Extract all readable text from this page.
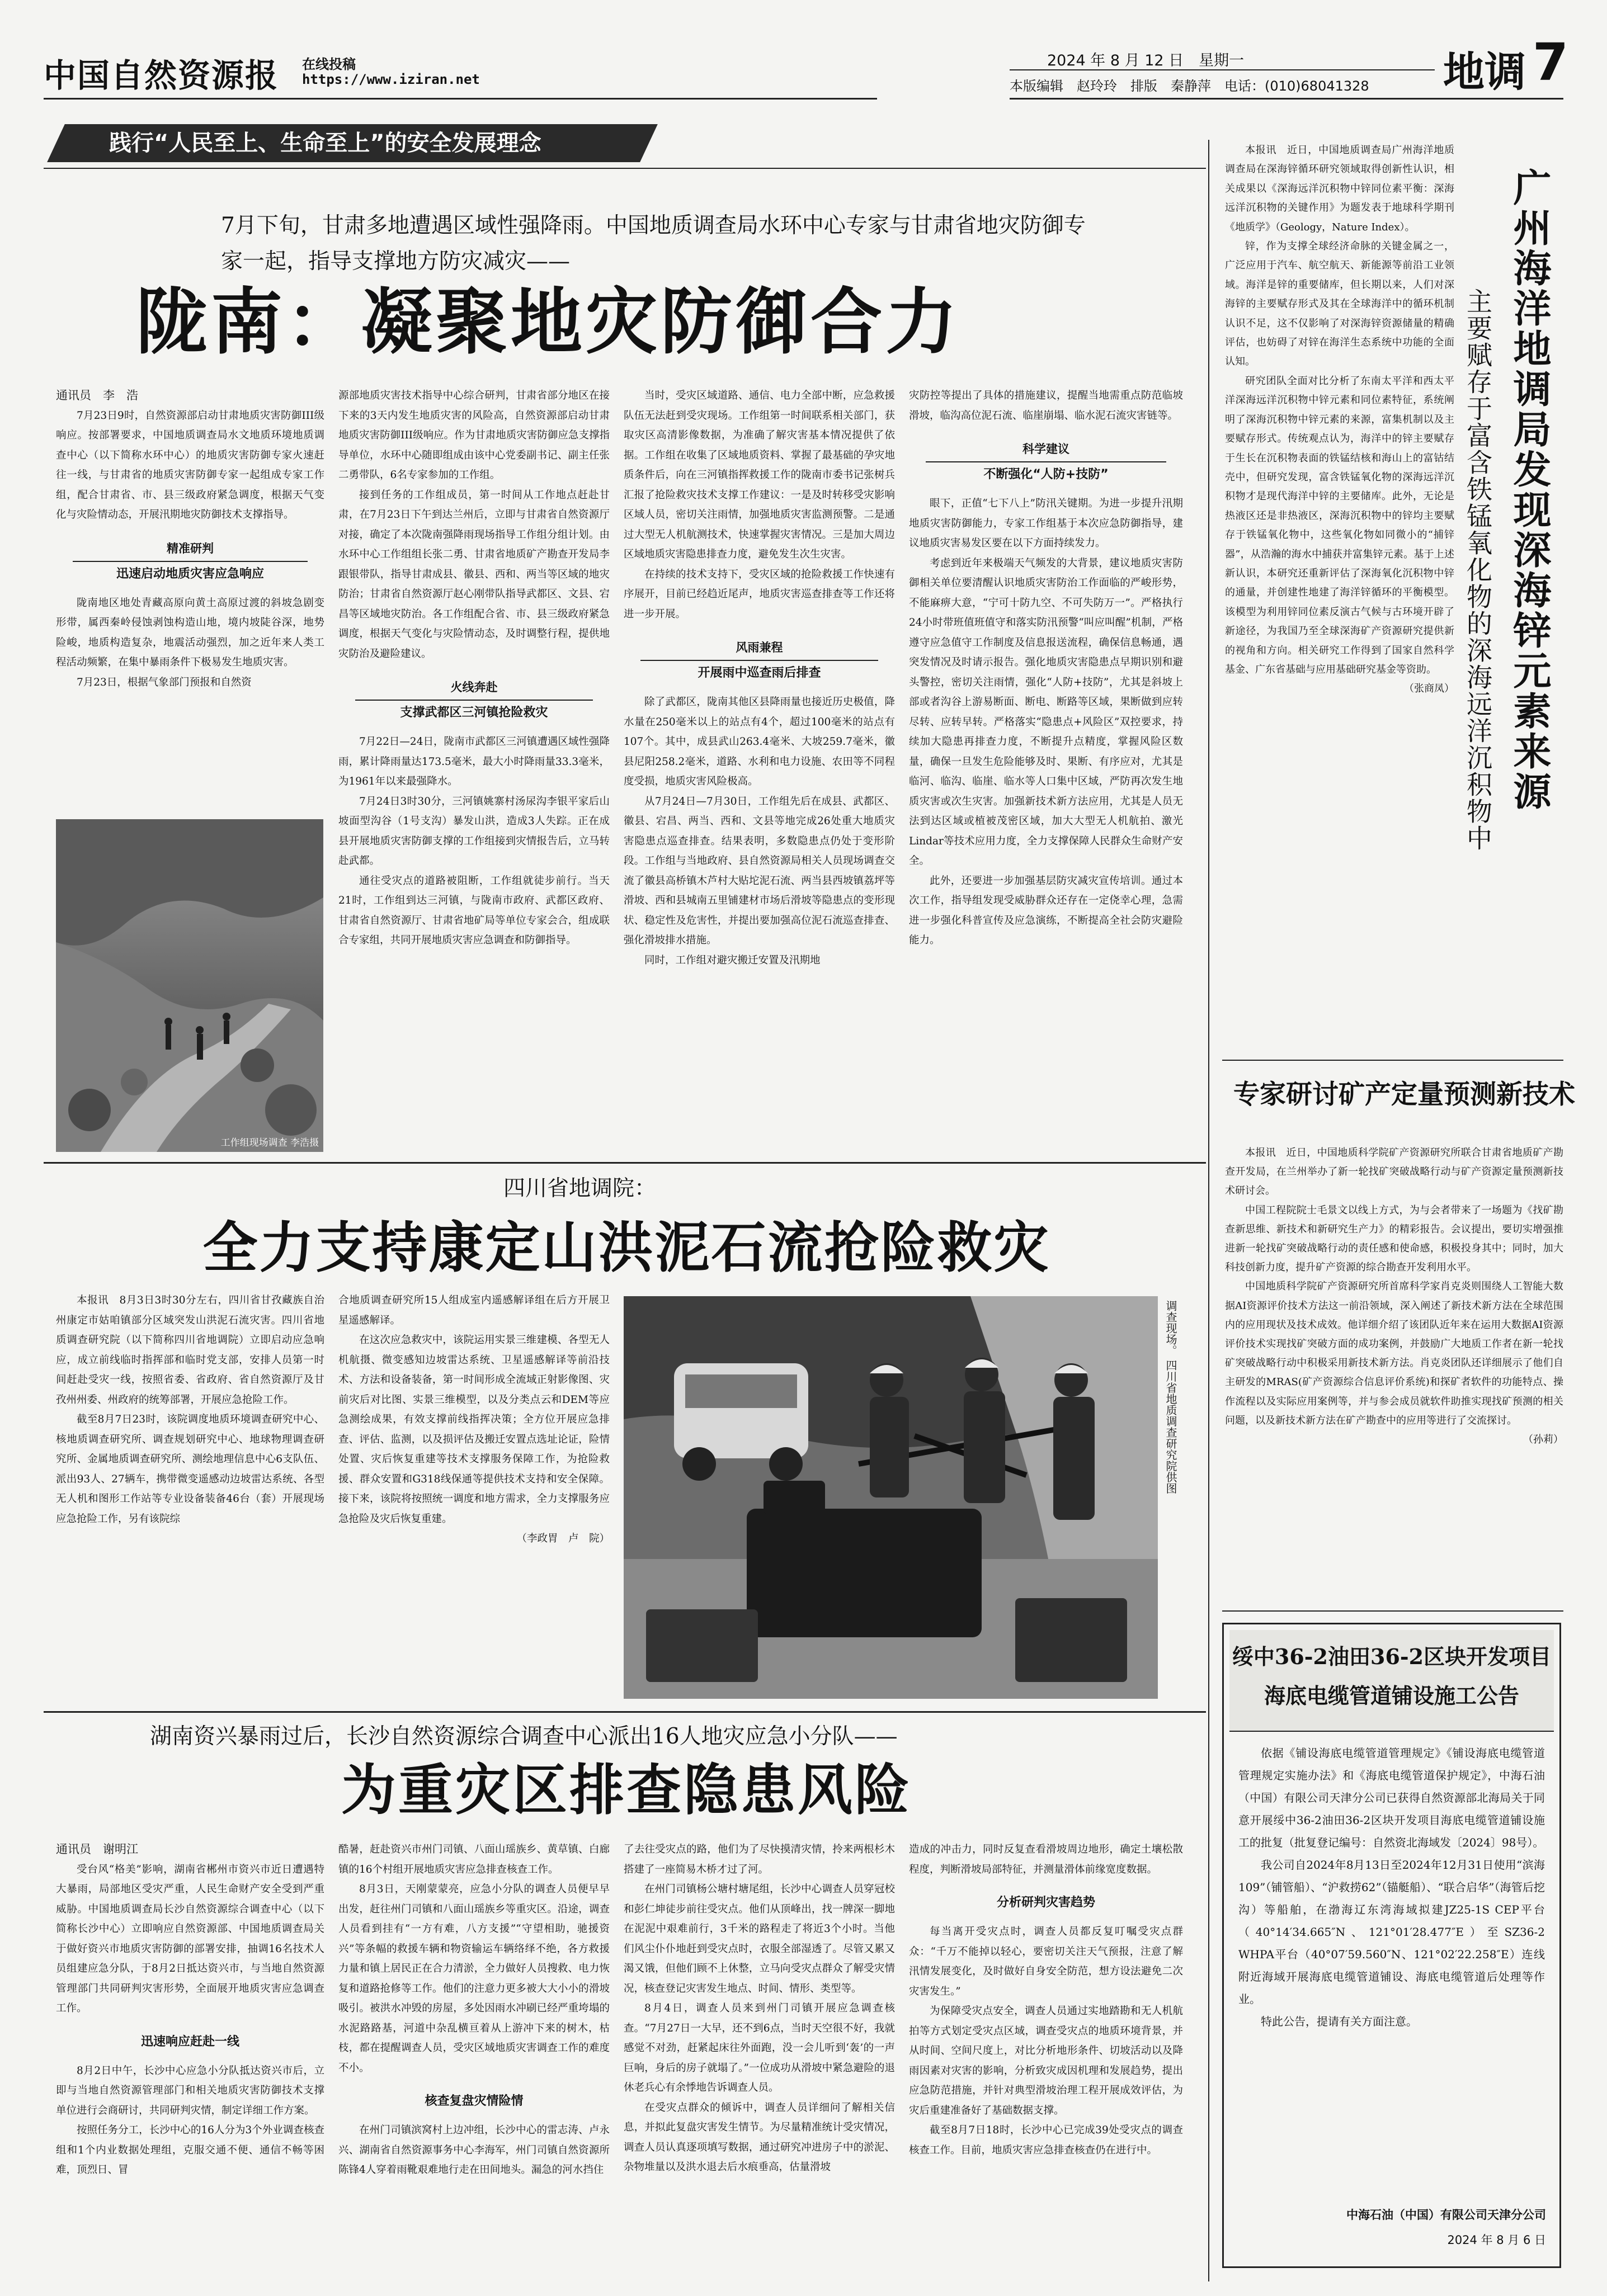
中国自然资源报 在线投稿
https://www.iziran.net
2024 年 8 月 12 日　星期一	地调 7
本版编辑　赵玲玲　排版　秦静萍　电话：(010)68041328
践行“人民至上、生命至上”的安全发展理念
7月下旬，甘肃多地遭遇区域性强降雨。中国地质调查局水环中心专家与甘肃省地灾防御专家一起，指导支撑地方防灾减灾——
陇南：凝聚地灾防御合力

通讯员　李　浩

7月23日9时，自然资源部启动甘肃地质灾害防御III级响应。按部署要求，中国地质调查局水文地质环境地质调查中心（以下简称水环中心）的地质灾害防御专家火速赶往一线，与甘肃省的地质灾害防御专家一起组成专家工作组，配合甘肃省、市、县三级政府紧急调度，根据天气变化与灾险情动态，开展汛期地灾防御技术支撑指导。

精准研判
迅速启动地质灾害应急响应

陇南地区地处青藏高原向黄土高原过渡的斜坡急剧变形带，属西秦岭侵蚀剥蚀构造山地，境内坡陡谷深，地势险峻，地质构造复杂，地震活动强烈，加之近年来人类工程活动频繁，在集中暴雨条件下极易发生地质灾害。

7月23日，根据气象部门预报和自然资

工作组现场调查 李浩摄

源部地质灾害技术指导中心综合研判，甘肃省部分地区在接下来的3天内发生地质灾害的风险高，自然资源部启动甘肃地质灾害防御III级响应。作为甘肃地质灾害防御应急支撑指导单位，水环中心随即组成由该中心党委副书记、副主任张二勇带队，6名专家参加的工作组。

接到任务的工作组成员，第一时间从工作地点赶赴甘肃，在7月23日下午到达兰州后，立即与甘肃省自然资源厅对接，确定了本次陇南强降雨现场指导工作组分组计划。由水环中心工作组组长张二勇、甘肃省地质矿产勘查开发局李跟银带队，指导甘肃成县、徽县、西和、两当等区域的地灾防治；甘肃省自然资源厅赵心刚带队指导武都区、文县、宕昌等区域地灾防治。各工作组配合省、市、县三级政府紧急调度，根据天气变化与灾险情动态，及时调整行程，提供地灾防治及避险建议。

火线奔赴
支撑武都区三河镇抢险救灾

7月22日—24日，陇南市武都区三河镇遭遇区域性强降雨，累计降雨量达173.5毫米，最大小时降雨量33.3毫米，为1961年以来最强降水。

7月24日3时30分，三河镇姚寨村汤尿沟李银平家后山坡面型沟谷（1号支沟）暴发山洪，造成3人失踪。正在成县开展地质灾害防御支撑的工作组接到灾情报告后，立马转赴武都。

通往受灾点的道路被阻断，工作组就徒步前行。当天21时，工作组到达三河镇，与陇南市政府、武都区政府、甘肃省自然资源厅、甘肃省地矿局等单位专家会合，组成联合专家组，共同开展地质灾害应急调查和防御指导。

当时，受灾区域道路、通信、电力全部中断，应急救援队伍无法赶到受灾现场。工作组第一时间联系相关部门，获取灾区高清影像数据，为准确了解灾害基本情况提供了依据。工作组在收集了区域地质资料、掌握了最基础的孕灾地质条件后，向在三河镇指挥救援工作的陇南市委书记张树兵汇报了抢险救灾技术支撑工作建议：一是及时转移受灾影响区域人员，密切关注雨情，加强地质灾害监测预警。二是通过大型无人机航测技术，快速掌握灾害情况。三是加大周边区域地质灾害隐患排查力度，避免发生次生灾害。

在持续的技术支持下，受灾区域的抢险救援工作快速有序展开，目前已经趋近尾声，地质灾害巡查排查等工作还将进一步开展。

风雨兼程
开展雨中巡查雨后排查

除了武都区，陇南其他区县降雨量也接近历史极值，降水量在250毫米以上的站点有4个，超过100毫米的站点有107个。其中，成县武山263.4毫米、大坡259.7毫米，徽县尼阳258.2毫米，道路、水利和电力设施、农田等不同程度受损，地质灾害风险极高。

从7月24日—7月30日，工作组先后在成县、武都区、徽县、宕昌、两当、西和、文县等地完成26处重大地质灾害隐患点巡查排查。结果表明，多数隐患点仍处于变形阶段。工作组与当地政府、县自然资源局相关人员现场调查交流了徽县高桥镇木芦村大贴坨泥石流、两当县西坡镇荔坪等滑坡、西和县城南五里铺建材市场后滑坡等隐患点的变形现状、稳定性及危害性，并提出要加强高位泥石流巡查排查、强化滑坡排水措施。

同时，工作组对避灾搬迁安置及汛期地

灾防控等提出了具体的措施建议，提醒当地需重点防范临坡滑坡，临沟高位泥石流、临崖崩塌、临水泥石流灾害链等。

科学建议
不断强化“人防+技防”

眼下，正值“七下八上”防汛关键期。为进一步提升汛期地质灾害防御能力，专家工作组基于本次应急防御指导，建议地质灾害易发区要在以下方面持续发力。

考虑到近年来极端天气频发的大背景，建议地质灾害防御相关单位要清醒认识地质灾害防治工作面临的严峻形势，不能麻痹大意，“宁可十防九空、不可失防万一”。严格执行24小时带班值班值守和落实防汛预警“叫应叫醒”机制，严格遵守应急值守工作制度及信息报送流程，确保信息畅通，遇突发情况及时请示报告。强化地质灾害隐患点早期识别和避头警控，密切关注雨情，强化“人防+技防”，尤其是斜坡上部或者沟谷上游易断面、断电、断路等区域，果断做到应转尽转、应转早转。严格落实“隐患点+风险区”双控要求，持续加大隐患再排查力度，不断提升点精度，掌握风险区数量，确保一旦发生危险能够及时、果断、有序应对，尤其是临河、临沟、临崖、临水等人口集中区域，严防再次发生地质灾害或次生灾害。加强新技术新方法应用，尤其是人员无法到达区域或植被茂密区域，加大大型无人机航拍、激光Lindar等技术应用力度，全力支撑保障人民群众生命财产安全。

此外，还要进一步加强基层防灾减灾宣传培训。通过本次工作，指导组发现受威胁群众还存在一定侥幸心理，急需进一步强化科普宣传及应急演练，不断提高全社会防灾避险能力。

四川省地调院：
全力支持康定山洪泥石流抢险救灾

本报讯　8月3日3时30分左右，四川省甘孜藏族自治州康定市姑咱镇部分区域突发山洪泥石流灾害。四川省地质调查研究院（以下简称四川省地调院）立即启动应急响应，成立前线临时指挥部和临时党支部，安排人员第一时间赶赴受灾一线，按照省委、省政府、省自然资源厅及甘孜州州委、州政府的统筹部署，开展应急抢险工作。

截至8月7日23时，该院调度地质环境调查研究中心、核地质调查研究所、调查规划研究中心、地球物理调查研究所、金属地质调查研究所、测绘地理信息中心6支队伍、派出93人、27辆车，携带微变遥感动边坡雷达系统、各型无人机和图形工作站等专业设备装备46台（套）开展现场应急抢险工作，另有该院综

合地质调查研究所15人组成室内遥感解译组在后方开展卫星遥感解译。

在这次应急救灾中，该院运用实景三维建模、各型无人机航摄、微变感知边坡雷达系统、卫星遥感解译等前沿技术、方法和设备装备，第一时间形成全流域正射影像图、灾前灾后对比图、实景三维模型，以及分类点云和DEM等应急测绘成果，有效支撑前线指挥决策；全方位开展应急排查、评估、监测，以及损评估及搬迁安置点选址论证，险情处置、灾后恢复重建等技术支撑服务保障工作，为抢险救援、群众安置和G318线保通等提供技术支持和安全保障。接下来，该院将按照统一调度和地方需求，全力支撑服务应急抢险及灾后恢复重建。

（李政胃　卢　院）

调查现场。 四川省地质调查研究院供图
湖南资兴暴雨过后，长沙自然资源综合调查中心派出16人地灾应急小分队——
为重灾区排查隐患风险

通讯员　谢明江

受台风“格美”影响，湖南省郴州市资兴市近日遭遇特大暴雨，局部地区受灾严重，人民生命财产安全受到严重威胁。中国地质调查局长沙自然资源综合调查中心（以下简称长沙中心）立即响应自然资源部、中国地质调查局关于做好资兴市地质灾害防御的部署安排，抽调16名技术人员组建应急分队，于8月2日抵达资兴市，与当地自然资源管理部门共同研判灾害形势，全面展开地质灾害应急调查工作。

迅速响应赶赴一线

8月2日中午，长沙中心应急小分队抵达资兴市后，立即与当地自然资源管理部门和相关地质灾害防御技术支撑单位进行会商研讨，共同研判灾情，制定详细工作方案。

按照任务分工，长沙中心的16人分为3个外业调查核查组和1个内业数据处理组，克服交通不便、通信不畅等困难，顶烈日、冒

酷暑，赶赴资兴市州门司镇、八面山瑶族乡、黄草镇、白廊镇的16个村组开展地质灾害应急排查核查工作。

8月3日，天刚蒙蒙亮，应急小分队的调查人员便早早出发，赶往州门司镇和八面山瑶族乡等重灾区。沿途，调查人员看到挂有“一方有难，八方支援”“守望相助，驰援资兴”等条幅的救援车辆和物资输运车辆络绎不绝，各方救援力量和镇上居民正在合力清淤，全力做好人员搜救、电力恢复和道路抢修等工作。他们的注意力更多被大大小小的滑坡吸引。被洪水冲毁的房屋，多处因雨水冲刷已经严重垮塌的水泥路路基，河道中杂乱横亘着从上游冲下来的树木，枯枝，都在提醒调查人员，受灾区域地质灾害调查工作的难度不小。

核查复盘灾情险情

在州门司镇滨窝村上边冲组，长沙中心的雷志涛、卢永兴、湖南省自然资源事务中心李海军，州门司镇自然资源所陈锋4人穿着雨靴艰难地行走在田间地头。漏急的河水挡住

了去往受灾点的路，他们为了尽快摸清灾情，拎来两根杉木搭建了一座简易木桥才过了河。

在州门司镇杨公塘村塘尾组，长沙中心调查人员穿冠校和彭仁坤徒步前往受灾点。他们从顶峰出，找一牌深一脚地在泥泥中艰难前行，3千米的路程走了将近3个小时。当他们风尘仆仆地赶到受灾点时，衣服全部湿透了。尽管又累又渴又饿，但他们顾不上休整，立马向受灾点群众了解受灾情况，核查登记灾害发生地点、时间、情形、类型等。

8月4日，调查人员来到州门司镇开展应急调查核查。“7月27日一大早，还不到6点，当时天空很不好，我就感觉不对劲，赶紧起床往外面跑，没一会儿听到‘轰’的一声巨响，身后的房子就塌了。”一位成功从滑坡中紧急避险的退休老兵心有余悸地告诉调查人员。

在受灾点群众的倾诉中，调查人员详细问了解相关信息，并拟此复盘灾害发生情节。为尽量精准统计受灾情况，调查人员认真逐项填写数据，通过研究冲进房子中的淤泥、杂物堆量以及洪水退去后水痕垂高，估量滑坡

造成的冲击力，同时反复查看滑坡周边地形，确定土壤松散程度，判断滑坡局部特征，并测量滑体前缘宽度数据。

分析研判灾害趋势

每当离开受灾点时，调查人员都反复叮嘱受灾点群众：“千万不能掉以轻心，要密切关注天气预报，注意了解汛情发展变化，及时做好自身安全防范，想方设法避免二次灾害发生。”

为保障受灾点安全，调查人员通过实地踏勘和无人机航拍等方式划定受灾点区域，调查受灾点的地质环境背景，并从时间、空间尺度上，对比分析地形条件、切坡活动以及降雨因素对灾害的影响，分析致灾成因机理和发展趋势，提出应急防范措施，并针对典型滑坡治理工程开展成效评估，为灾后重建准备好了基础数据支撑。

截至8月7日18时，长沙中心已完成39处受灾点的调查核查工作。目前，地质灾害应急排查核查仍在进行中。

本报讯　近日，中国地质调查局广州海洋地质调查局在深海锌循环研究领域取得创新性认识，相关成果以《深海远洋沉积物中锌同位素平衡：深海远洋沉积物的关键作用》为题发表于地球科学期刊《地质学》（Geology，Nature Index）。

锌，作为支撑全球经济命脉的关键金属之一，广泛应用于汽车、航空航天、新能源等前沿工业领域。海洋是锌的重要储库，但长期以来，人们对深海锌的主要赋存形式及其在全球海洋中的循环机制认识不足，这不仅影响了对深海锌资源储量的精确评估，也妨碍了对锌在海洋生态系统中功能的全面认知。

研究团队全面对比分析了东南太平洋和西太平洋深海远洋沉积物中锌元素和同位素特征，系统阐明了深海沉积物中锌元素的来源，富集机制以及主要赋存形式。传统观点认为，海洋中的锌主要赋存于生长在沉积物表面的铁锰结核和海山上的富钴结壳中，但研究发现，富含铁锰氧化物的深海远洋沉积物才是现代海洋中锌的主要储库。此外，无论是热液区还是非热液区，深海沉积物中的锌均主要赋存于铁锰氧化物中，这些氧化物如同微小的“捕锌器”，从浩瀚的海水中捕获并富集锌元素。基于上述新认识，本研究还重新评估了深海氧化沉积物中锌的通量，并创建性地建了海洋锌循环的平衡模型。该模型为利用锌同位素反演古气候与古环境开辟了新途径，为我国乃至全球深海矿产资源研究提供新的视角和方向。相关研究工作得到了国家自然科学基金、广东省基础与应用基础研究基金等资助。

（张商凤） 广州海洋地调局发现深海锌元素来源
主要赋存于富含铁锰氧化物的深海远洋沉积物中
专家研讨矿产定量预测新技术

本报讯　近日，中国地质科学院矿产资源研究所联合甘肃省地质矿产勘查开发局，在兰州举办了新一轮找矿突破战略行动与矿产资源定量预测新技术研讨会。

中国工程院院士毛景文以线上方式，为与会者带来了一场题为《找矿勘查新思维、新技术和新研究生产力》的精彩报告。会议提出，要切实增强推进新一轮找矿突破战略行动的责任感和使命感，积极投身其中；同时，加大科技创新力度，提升矿产资源的综合勘查开发利用水平。

中国地质科学院矿产资源研究所首席科学家肖克炎则围绕人工智能大数据AI资源评价技术方法这一前沿领域，深入阐述了新技术新方法在全球范围内的应用现状及技术成效。他详细介绍了该团队近年来在运用大数据AI资源评价技术实现找矿突破方面的成功案例，并鼓励广大地质工作者在新一轮找矿突破战略行动中积极采用新技术新方法。肖克炎团队还详细展示了他们自主研发的MRAS(矿产资源综合信息评价系统)和探矿者软件的功能特点、操作流程以及实际应用案例等，并与参会成员就软件助推实现找矿预测的相关问题，以及新技术新方法在矿产勘查中的应用等进行了交流探讨。

（孙莉）

绥中36-2油田36-2区块开发项目
海底电缆管道铺设施工公告

依据《铺设海底电缆管道管理规定》《铺设海底电缆管道管理规定实施办法》和《海底电缆管道保护规定》，中海石油（中国）有限公司天津分公司已获得自然资源部北海局关于同意开展绥中36-2油田36-2区块开发项目海底电缆管道铺设施工的批复（批复登记编号：自然资北海域发〔2024〕98号）。

我公司自2024年8月13日至2024年12月31日使用“滨海109”（铺管船）、“沪救捞62”（锚艇船）、“联合启华”（海管后挖沟）等船舶，在渤海辽东湾海域拟建JZ25-1S CEP平台（40°14′34.665″N、121°01′28.477″E）至SZ36-2 WHPA平台（40°07′59.560″N、121°02′22.258″E）连线附近海域开展海底电缆管道铺设、海底电缆管道后处理等作业。

特此公告，提请有关方面注意。

中海石油（中国）有限公司天津分公司
2024 年 8 月 6 日
